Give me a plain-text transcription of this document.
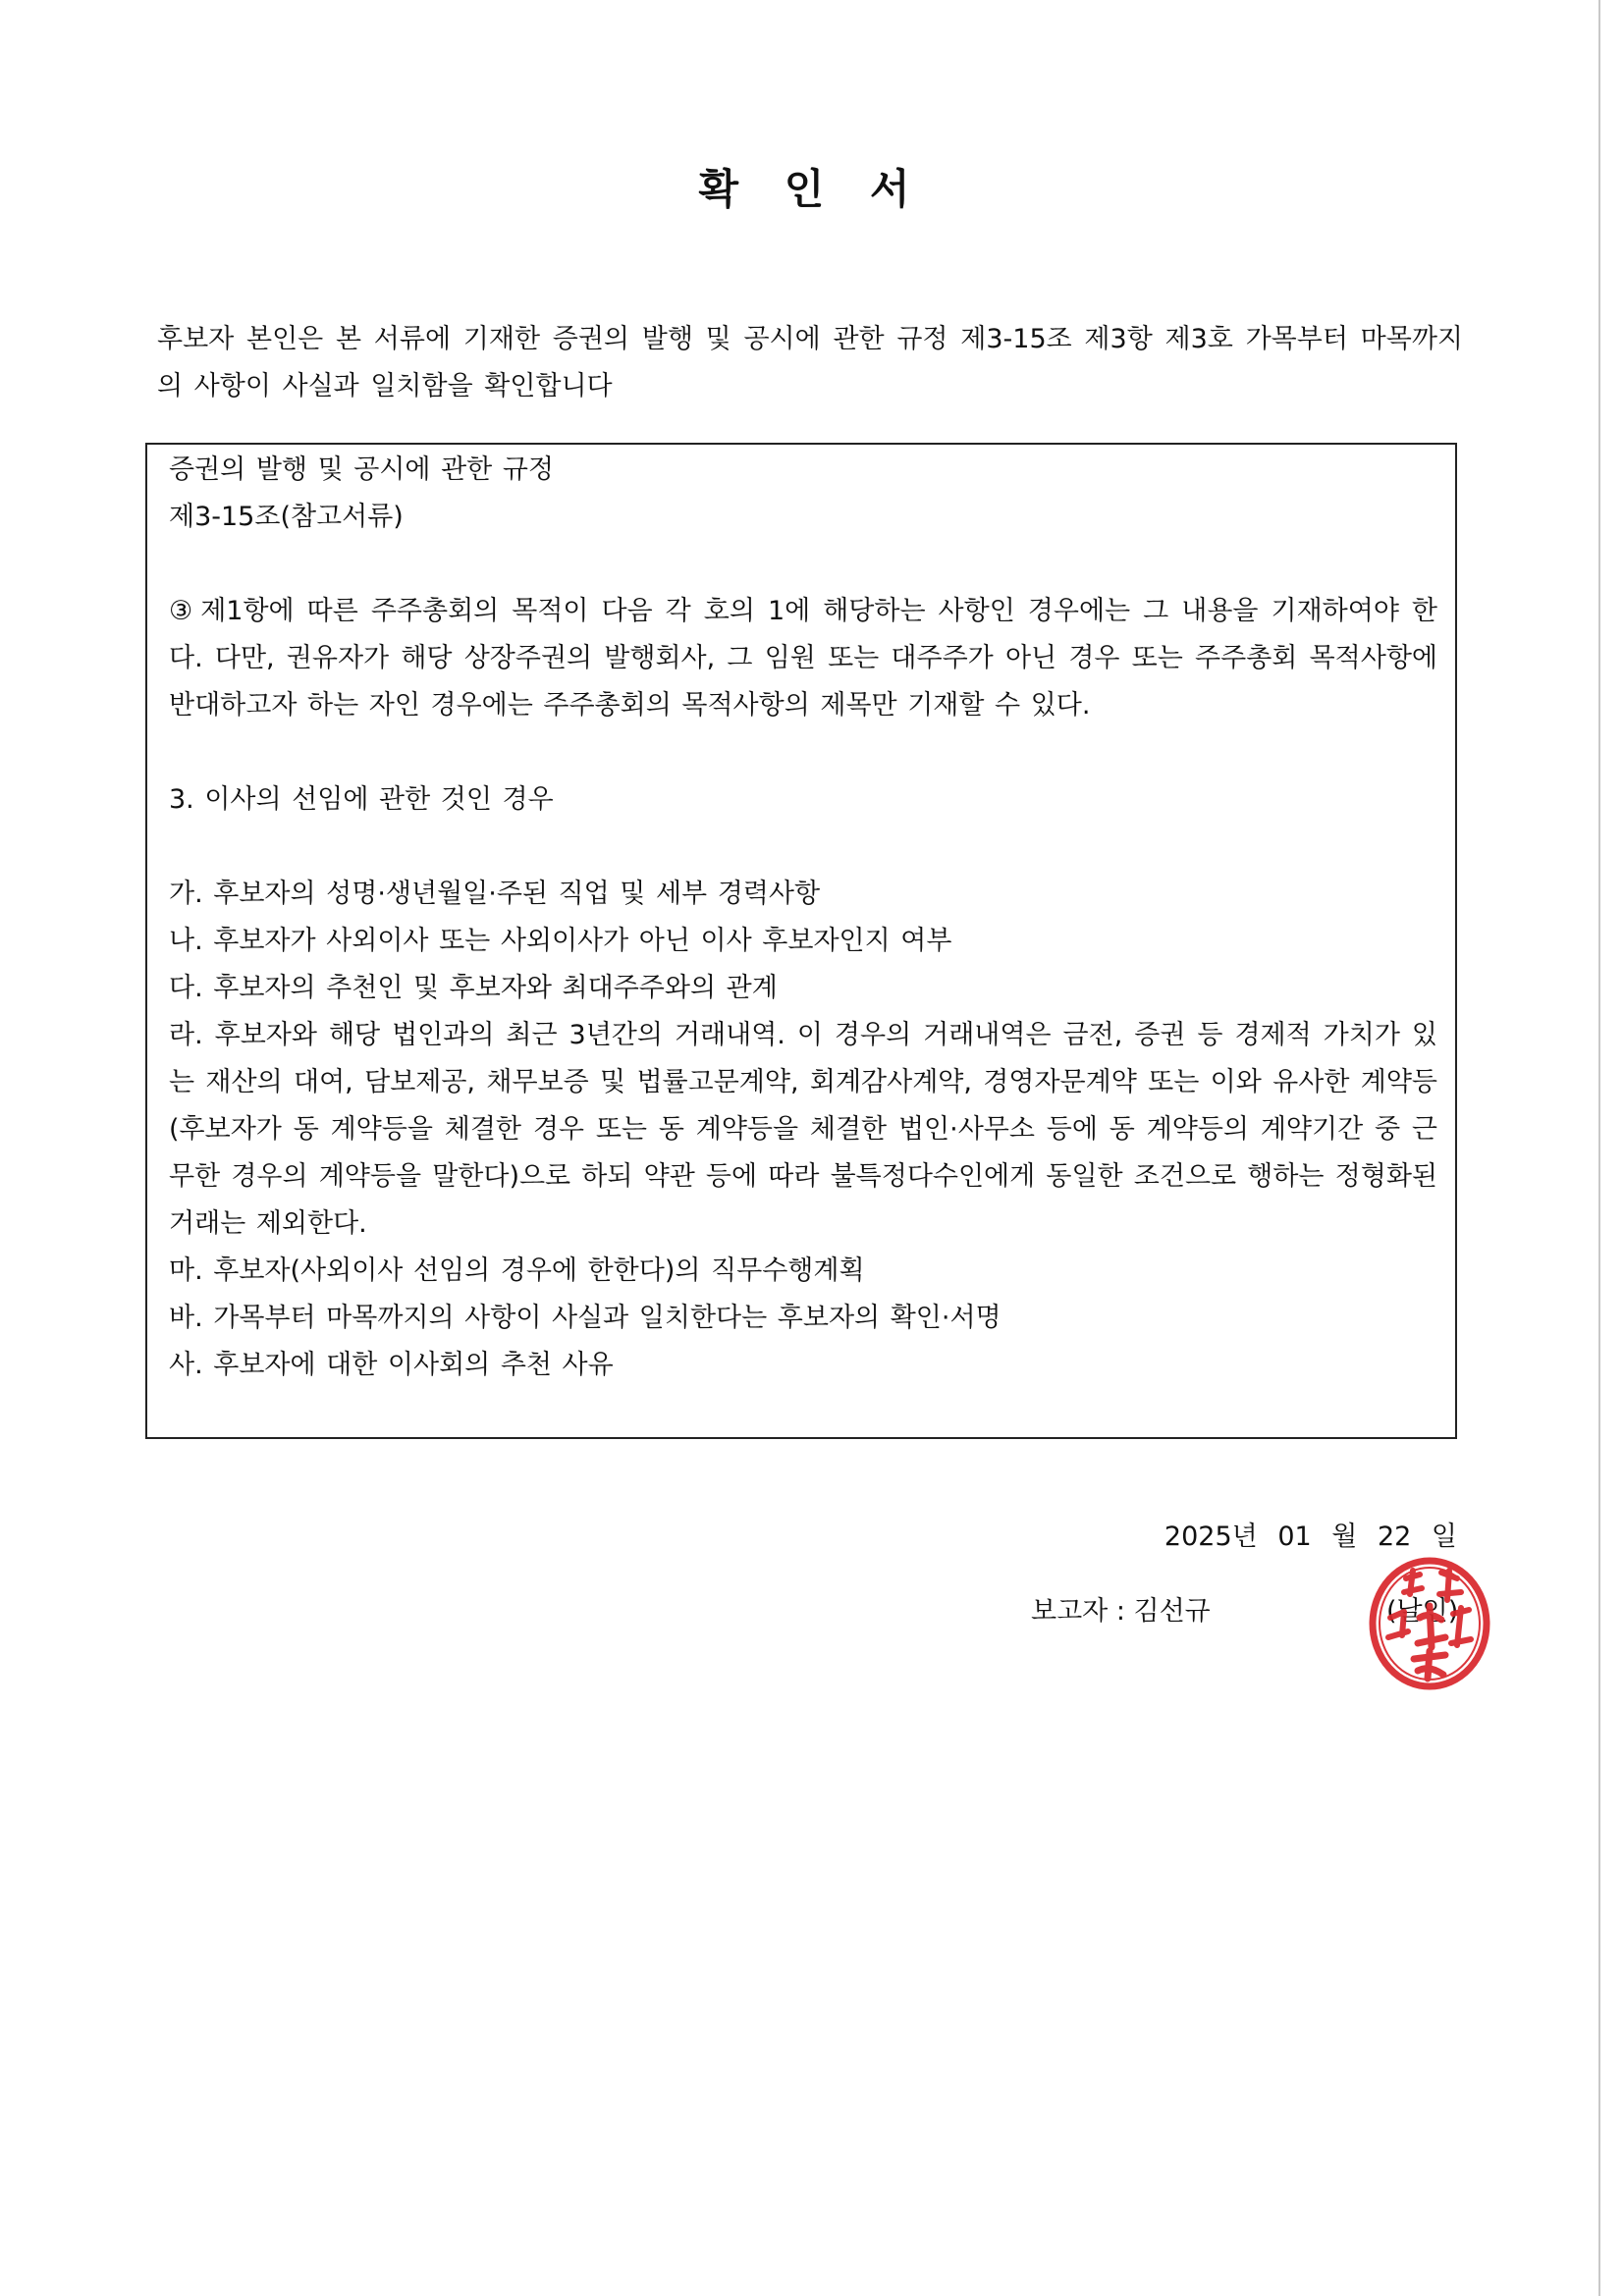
확 인 서
후보자 본인은 본 서류에 기재한 증권의 발행 및 공시에 관한 규정 제3-15조 제3항 제3호 가목부터 마목까지의 사항이 사실과 일치함을 확인합니다
증권의 발행 및 공시에 관한 규정
제3-15조(참고서류)
③ 제1항에 따른 주주총회의 목적이 다음 각 호의 1에 해당하는 사항인 경우에는 그 내용을 기재하여야 한다. 다만, 권유자가 해당 상장주권의 발행회사, 그 임원 또는 대주주가 아닌 경우 또는 주주총회 목적사항에 반대하고자 하는 자인 경우에는 주주총회의 목적사항의 제목만 기재할 수 있다.
3. 이사의 선임에 관한 것인 경우
가. 후보자의 성명·생년월일·주된 직업 및 세부 경력사항
나. 후보자가 사외이사 또는 사외이사가 아닌 이사 후보자인지 여부
다. 후보자의 추천인 및 후보자와 최대주주와의 관계
라. 후보자와 해당 법인과의 최근 3년간의 거래내역. 이 경우의 거래내역은 금전, 증권 등 경제적 가치가 있는 재산의 대여, 담보제공, 채무보증 및 법률고문계약, 회계감사계약, 경영자문계약 또는 이와 유사한 계약등(후보자가 동 계약등을 체결한 경우 또는 동 계약등을 체결한 법인·사무소 등에 동 계약등의 계약기간 중 근무한 경우의 계약등을 말한다)으로 하되 약관 등에 따라 불특정다수인에게 동일한 조건으로 행하는 정형화된 거래는 제외한다.
마. 후보자(사외이사 선임의 경우에 한한다)의 직무수행계획
바. 가목부터 마목까지의 사항이 사실과 일치한다는 후보자의 확인·서명
사. 후보자에 대한 이사회의 추천 사유
2025년 01 월 22 일
보고자 : 김선규	(날인)
